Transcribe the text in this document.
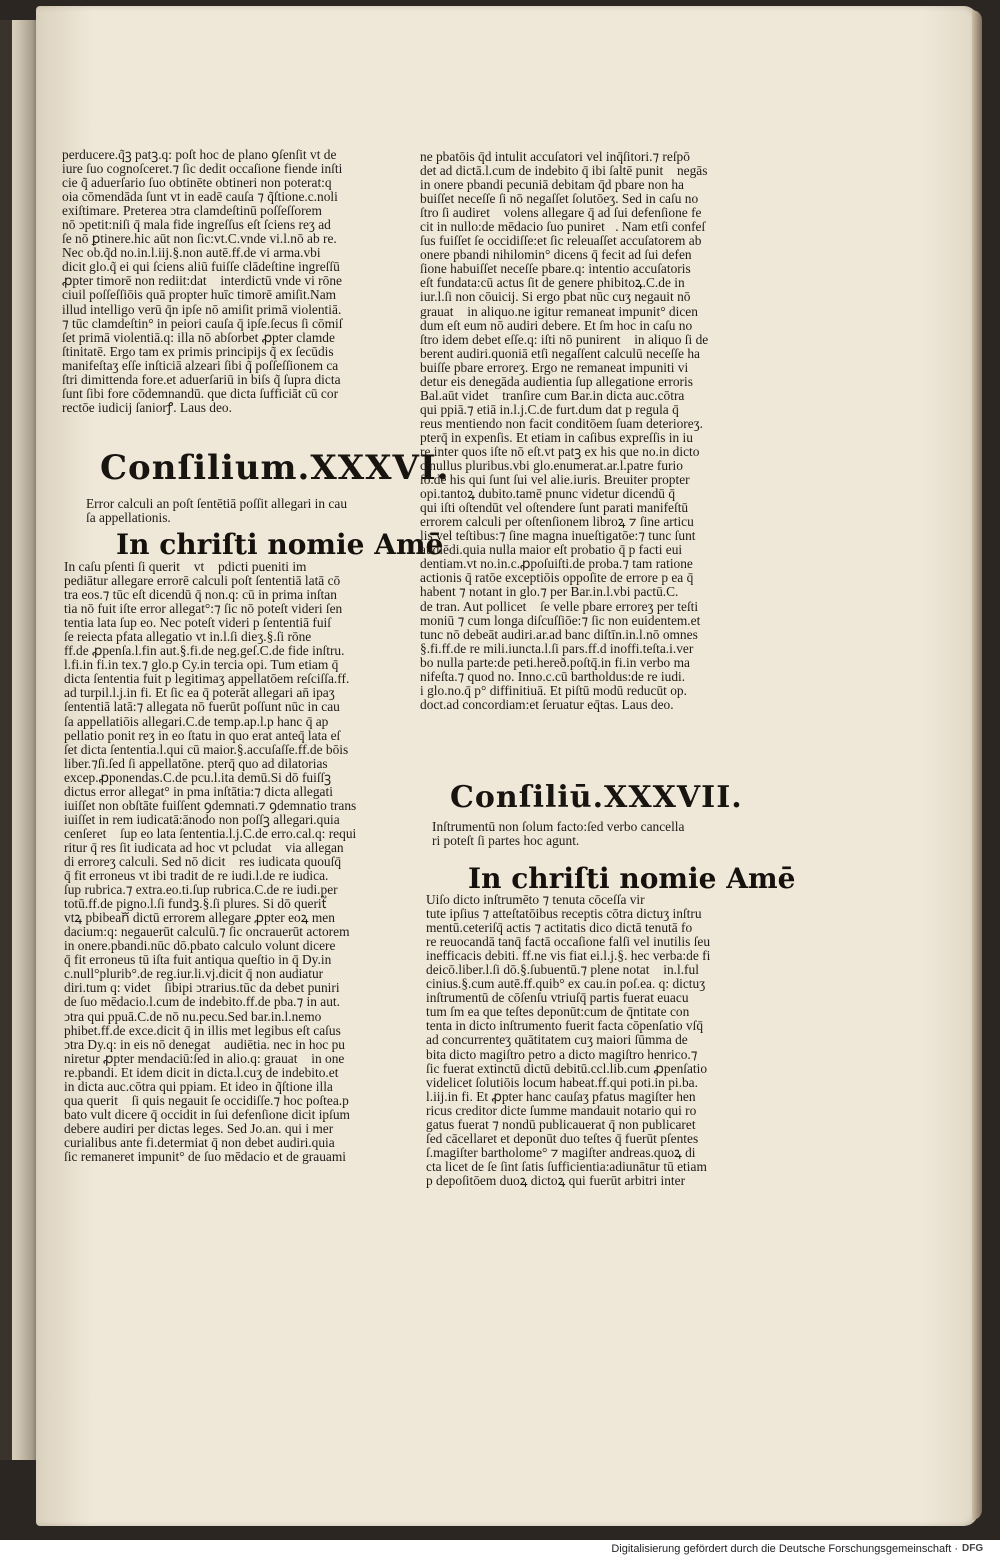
perducere.q̃ꝫ patꝫ.q: poſt hoc de plano ꝯſenſit vt de
iure ſuo cognoſceret.⁊ ſic dedit occaſione fiende inſti
cie q̃ aduerſario ſuo obtinēte obtineri non poterat:q
oia cōmendāda ſunt vt in eadē cauſa ⁊ q̃ſtione.c.noli
exiſtimare. Preterea ↄtra clamdeſtinū poſſeſſorem
nō ↄpetit:niſi q̄ mala fide ingreſſus eſt ſciens reʒ ad
ſe nō ꝑtinere.hic aūt non ſic:vt.C.vnde vi.l.nō ab re.
Nec ob.q̃d no.in.l.iij.§.non autē.ff.de vi arma.vbi
dicit glo.q̃ ei qui ſciens aliū fuiſſe clādeſtine ingreſſū
ꝓpter timorē non rediit:dat᷑ interdictū vnde vi rōne
ciuil poſſeſſiōis quā propter huīc timorē amiſit.Nam
illud intelligo verū q̄n ipſe nō amiſit primā violentiā.
⁊ tūc clamdeſtin° in peiori cauſa q̄ ipſe.ſecus ſi cōmiſ
ſet primā violentiā.q: illa nō abſorbet ꝓpter clamde
ſtinitatē. Ergo tam ex primis principijs q̃ ex ſecūdis
manifeſtaʒ eſſe inſticiā alzeari ſibi q̃ poſſeſſionem ca
ſtri dimittenda fore.et aduerſariū in biſs q̃ ſupra dicta
ſunt ſibi fore cōdemnandū. que dicta ſufficiāt cū cor
rectōe iudicij ſaniorꝭ. Laus deo.
Conſilium.XXXVI.
Error calculi an poſt ſentētiā poſſit allegari in cau
ſa appellationis.
In chriſti nomie Amē
In caſu pſenti ſi querit᷑ vtꝝ pdicti pueniti im
pediātur allegare errorē calculi poſt ſententiā latā cō
tra eos.⁊ tūc eſt dicendū q̄ non.q: cū in prima inſtan
tia nō fuit iſte error allegat°:⁊ ſic nō poteſt videri ſen
tentia lata ſup eo. Nec poteſt videri p ſententiā fuiſ
ſe reiecta pfata allegatio vt in.l.ſi dieʒ.§.ſi rōne
ff.de ꝓpenſa.l.fin aut.§.fi.de neg.geſ.C.de fide inſtru.
l.fi.in fi.in tex.⁊ glo.p Cy.in tercia opi. Tum etiam q̄
dicta ſententia fuit p legitimaʒ appellatōem reſciſſa.ff.
ad turpil.l.j.in fi. Et ſic ea q̄ poterāt allegari an̄ ipaʒ
ſententiā latā:⁊ allegata nō fuerūt poſſunt nūc in cau
ſa appellatiōis allegari.C.de temp.ap.l.p hanc q̄ ap
pellatio ponit reʒ in eo ſtatu in quo erat anteq̄ lata eſ
ſet dicta ſententia.l.qui cū maior.§.accuſaſſe.ff.de bōis
liber.⁊ſi.ſed ſi appellatōne. pterq̄ quo ad dilatorias
excep.ꝓponendas.C.de pcu.l.ita demū.Si dō fuiſſꝫ
dictus error allegat° in pma inſtātia:⁊ dicta allegati
iuiſſet non obſtāte fuiſſent ꝯdemnati.⁊ ꝯdemnatio trans
iuiſſet in rem iudicatā:ānodo non poſſꝫ allegari.quia
cenſeret᷑ ſup eo lata ſententia.l.j.C.de erro.cal.q: requi
ritur q̄ res ſit iudicata ad hoc vt pcludat᷑ via allegan
di erroreʒ calculi. Sed nō dicit᷑ res iudicata quouſq̄
q̄ fit erroneus vt ibi tradit de re iudi.l.de re iudica.
ſup rubrica.⁊ extra.eo.ti.ſup rubrica.C.de re iudi.per
totū.ff.de pigno.l.ſi fundꝫ.§.ſi plures. Si dō querit᷑
vtꝝ pbibeanᷓ dictū errorem allegare ꝓpter eoꝝ men
dacium:q: negauerūt calculū.⁊ ſic oncrauerūt actorem
in onere.pbandi.nūc dō.pbato calculo volunt dicere
q̄ fit erroneus tū iſta fuit antiqua queſtio in q̄ Dy.in
c.null°plurib°.de reg.iur.li.vj.dicit q̄ non audiatur
diri.tum q: videt᷑ ſibipi ↄtrarius.tūc da debet puniri
de ſuo mēdacio.l.cum de indebito.ff.de pba.⁊ in aut.
ↄtra qui ppuā.C.de nō nu.pecu.Sed bar.in.l.nemo
phibet.ff.de exce.dicit q̄ in illis met legibus eſt caſus
ↄtra Dy.q: in eis nō denegat᷑ audiētia. nec in hoc pu
niretur ꝓpter mendaciū:ſed in alio.q: grauat᷑ in one
re.pbandi. Et idem dicit in dicta.l.cuʒ de indebito.et
in dicta auc.cōtra qui ppiam. Et ideo in q̃ſtione illa
qua querit᷑ ſi quis negauit ſe occidiſſe.⁊ hoc poſtea.p
bato vult dicere q̄ occidit in ſui defenſione dicit ipſum
debere audiri per dictas leges. Sed Jo.an. qui i mer
curialibus ante fi.determiat q̄ non debet audiri.quia
ſic remaneret impunit° de ſuo mēdacio et de grauami
ne pbatōis q̄d intulit accuſatori vel inq̄ſitori.⁊ reſpō
det ad dictā.l.cum de indebito q̄ ibi ſaltē punit᷑ negās
in onere pbandi pecuniā debitam q̄d pbare non ha
buiſſet neceſſe ſi nō negaſſet ſolutōeʒ. Sed in caſu no
ſtro ſi audiret᷑ volens allegare q̄ ad ſui defenſione fe
cit in nullo:de mēdacio ſuo puniret᷑. Nam etſi confeſ
ſus fuiſſet ſe occidiſſe:et ſic releuaſſet accuſatorem ab
onere pbandi nihilomin° dicens q̄ fecit ad ſui defen
ſione habuiſſet neceſſe pbare.q: intentio accuſatoris
eſt fundata:cū actus ſit de genere phibitoꝝ.C.de in
iur.l.ſi non cōuicij. Si ergo pbat nūc cuʒ negauit nō
grauat᷑ in aliquo.ne igitur remaneat impunit° dicen
dum eſt eum nō audiri debere. Et ſm hoc in caſu no
ſtro idem debet eſſe.q: iſti nō punirent᷑ in aliquo ſi de
berent audiri.quoniā etſi negaſſent calculū neceſſe ha
buiſſe pbare erroreʒ. Ergo ne remaneat impuniti vi
detur eis denegāda audientia ſup allegatione erroris
Bal.aūt videt᷑ tranſire cum Bar.in dicta auc.cōtra
qui ppiā.⁊ etiā in.l.j.C.de furt.dum dat p regula q̄
reus mentiendo non facit conditōem ſuam deterioreʒ.
pterq̄ in expenſis. Et etiam in caſibus expreſſis in iu
re inter quos iſte nō eſt.vt patꝫ ex his que no.in dicto
c.nullus pluribus.vbi glo.enumerat.ar.l.patre furio
ſo.de his qui ſunt ſui vel alie.iuris. Breuiter propter
opi.tantoꝝ dubito.tamē pnunc videtur dicendū q̄
qui iſti oſtendūt vel oſtendere ſunt parati manifeſtū
errorem calculi per oſtenſionem libroꝝ ⁊ ſine articu
lis vel teſtibus:⁊ ſine magna inueſtigatōe:⁊ tunc ſunt
audiēdi.quia nulla maior eſt probatio q̄ p facti eui
dentiam.vt no.in.c.ꝓpoſuiſti.de proba.⁊ tam ratione
actionis q̄ ratōe exceptiōis oppoſite de errore p ea q̄
habent ⁊ notant in glo.⁊ per Bar.in.l.vbi pactū.C.
de tran. Aut pollicet᷑ ſe velle pbare erroreʒ per teſti
moniū ⁊ cum longa diſcuſſiōe:⁊ ſic non euidentem.et
tunc nō debeāt audiri.ar.ad banc diſtīn.in.l.nō omnes
§.fi.ff.de re mili.iuncta.l.ſi pars.ff.d inoffi.teſta.i.ver
bo nulla parte:de peti.hereð.poſtq̄.in fi.in verbo ma
nifeſta.⁊ quod no. Inno.c.cū bartholdus:de re iudi.
i glo.no.q̄ p° diffinitiuā. Et piſtū modū reducūt op.
doct.ad concordiam:et ſeruatur eq̄tas. Laus deo.
Conſiliū.XXXVII.
Inſtrumentū non ſolum facto:ſed verbo cancella
ri poteſt ſi partes hoc agunt.
In chriſti nomie Amē
Uiſo dicto inſtrumēto ⁊ tenuta cōceſſa vir
tute ipſius ⁊ atteſtatōibus receptis cōtra dictuʒ inſtru
mentū.ceteriſq̄ actis ⁊ actitatis dico dictā tenutā fo
re reuocandā tanq̄ factā occaſione falſi vel inutilis ſeu
inefficacis debiti. ff.ne vis fiat ei.l.j.§. hec verba:de fi
deicō.liber.l.ſi dō.§.ſubuentū.⁊ plene notat᷑ in.l.ful
cinius.§.cum autē.ff.quib° ex cau.in poſ.ea. q: dictuʒ
inſtrumentū de cōſenſu vtriuſq̄ partis fuerat euacu
tum ſm ea que teſtes deponūt:cum de q̄ntitate con
tenta in dicto inſtrumento fuerit facta cōpenſatio vſq̄
ad concurrenteʒ quātitatem cuʒ maiori ſūmma de
bita dicto magiſtro petro a dicto magiſtro henrico.⁊
ſic fuerat extinctū dictū debitū.ccl.lib.cum ꝓpenſatio
videlicet ſolutiōis locum habeat.ff.qui poti.in pi.ba.
l.iij.in fi. Et ꝓpter hanc cauſaʒ pfatus magiſter hen
ricus creditor dicte ſumme mandauit notario qui ro
gatus fuerat ⁊ nondū publicauerat q̄ non publicaret
ſed cācellaret et deponūt duo teſtes q̄ fuerūt pſentes
ſ.magiſter bartholome° ⁊ magiſter andreas.quoꝝ di
cta licet de ſe ſint ſatis ſufficientia:adiunātur tū etiam
p depoſitōem duoꝝ dictoꝝ qui fuerūt arbitri inter
Digitalisierung gefördert durch die Deutsche Forschungsgemeinschaft · DFG
